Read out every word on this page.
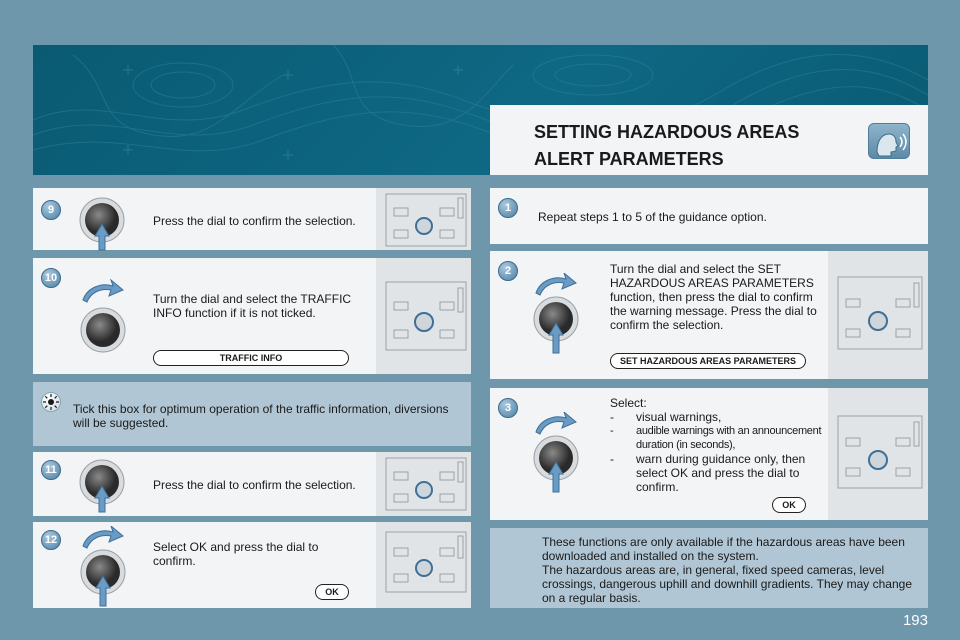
SETTING HAZARDOUS AREAS ALERT PARAMETERS
9
Press the dial to confirm the selection.
10
Turn the dial and select the TRAFFIC INFO function if it is not ticked.
TRAFFIC INFO
Tick this box for optimum operation of the traffic information, diversions will be suggested.
11
Press the dial to confirm the selection.
12	Select OK and press the dial to confirm.
OK
1
Repeat steps 1 to 5 of the guidance option.
2	Turn the dial and select the SET HAZARDOUS AREAS PARAMETERS function, then press the dial to confirm the warning message. Press the dial to confirm the selection.
SET HAZARDOUS AREAS PARAMETERS
3	Select:
- visual warnings,
- audible warnings with an announcement duration (in seconds),
- warn during guidance only, then select OK and press the dial to confirm.
OK
These functions are only available if the hazardous areas have been downloaded and installed on the system.
The hazardous areas are, in general, fixed speed cameras, level crossings, dangerous uphill and downhill gradients. They may change on a regular basis.
193
